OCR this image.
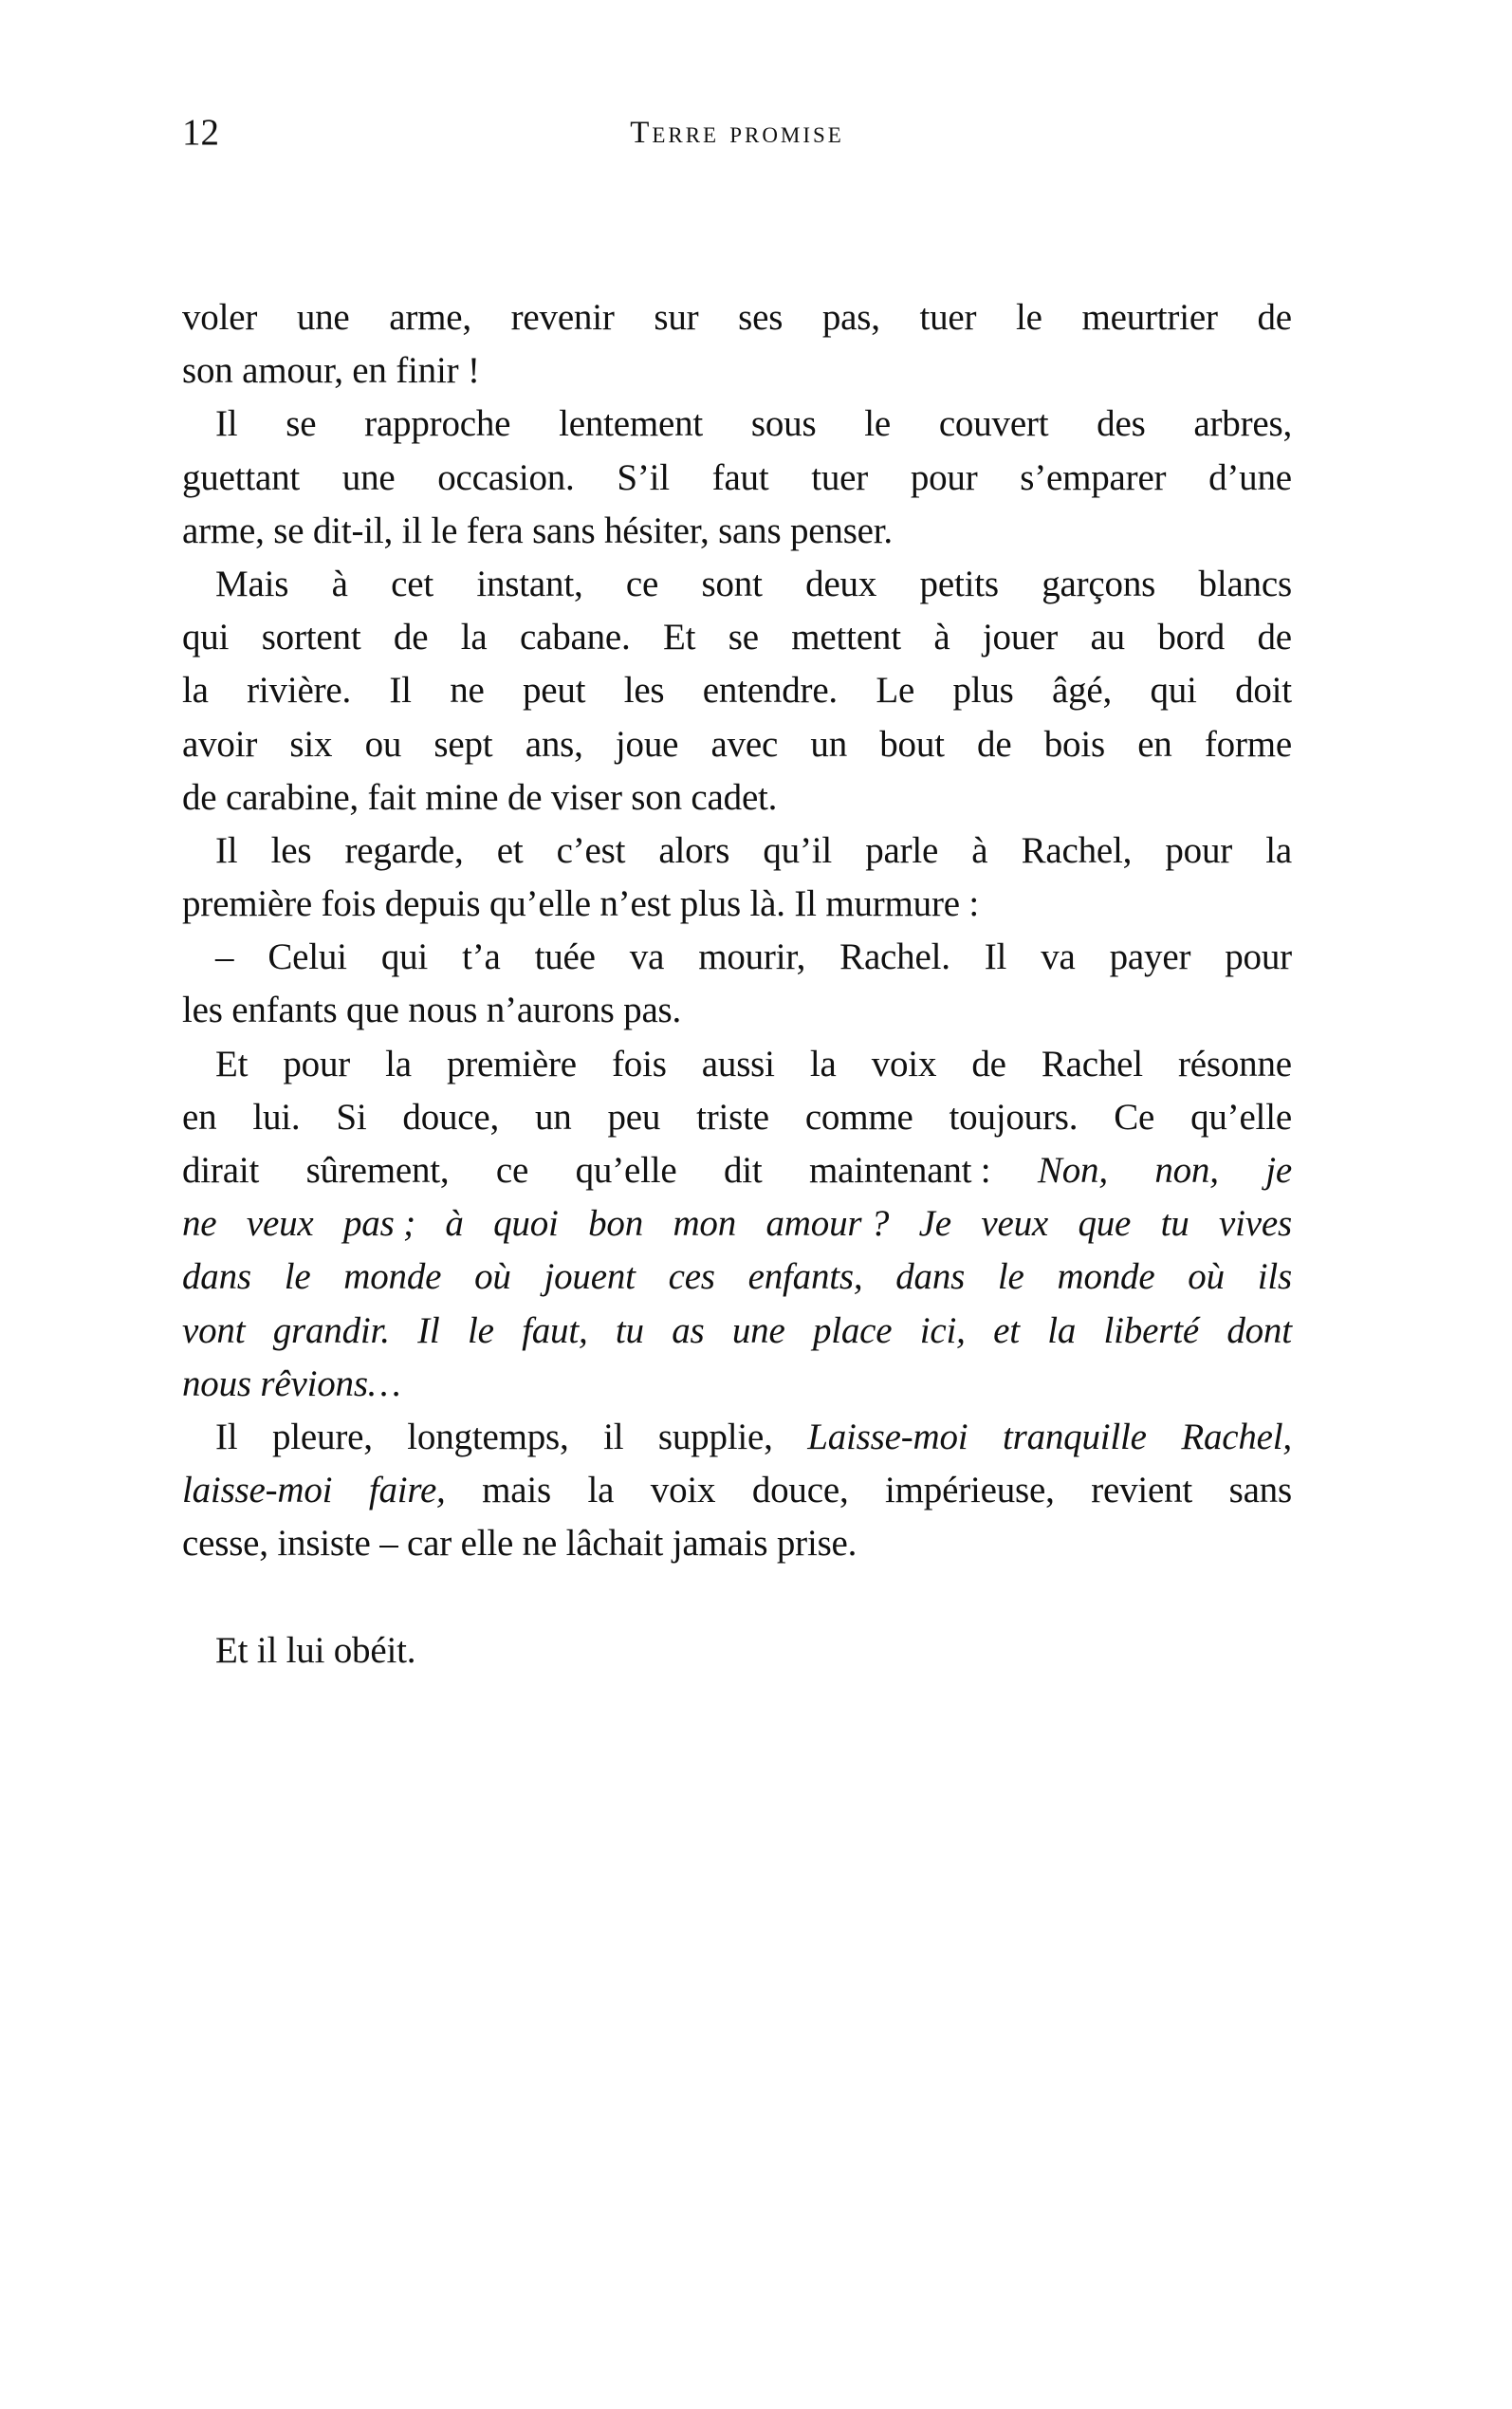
12	Terre promise
voler une arme, revenir sur ses pas, tuer le meurtrier de
son amour, en finir !
Il se rapproche lentement sous le couvert des arbres,
guettant une occasion. S’il faut tuer pour s’emparer d’une
arme, se dit-il, il le fera sans hésiter, sans penser.
Mais à cet instant, ce sont deux petits garçons blancs
qui sortent de la cabane. Et se mettent à jouer au bord de
la rivière. Il ne peut les entendre. Le plus âgé, qui doit
avoir six ou sept ans, joue avec un bout de bois en forme
de carabine, fait mine de viser son cadet.
Il les regarde, et c’est alors qu’il parle à Rachel, pour la
première fois depuis qu’elle n’est plus là. Il murmure :
– Celui qui t’a tuée va mourir, Rachel. Il va payer pour
les enfants que nous n’aurons pas.
Et pour la première fois aussi la voix de Rachel résonne
en lui. Si douce, un peu triste comme toujours. Ce qu’elle
dirait sûrement, ce qu’elle dit maintenant : Non, non, je
ne veux pas ; à quoi bon mon amour ? Je veux que tu vives
dans le monde où jouent ces enfants, dans le monde où ils
vont grandir. Il le faut, tu as une place ici, et la liberté dont
nous rêvions…
Il pleure, longtemps, il supplie, Laisse-moi tranquille Rachel,
laisse-moi faire, mais la voix douce, impérieuse, revient sans
cesse, insiste – car elle ne lâchait jamais prise.
Et il lui obéit.
